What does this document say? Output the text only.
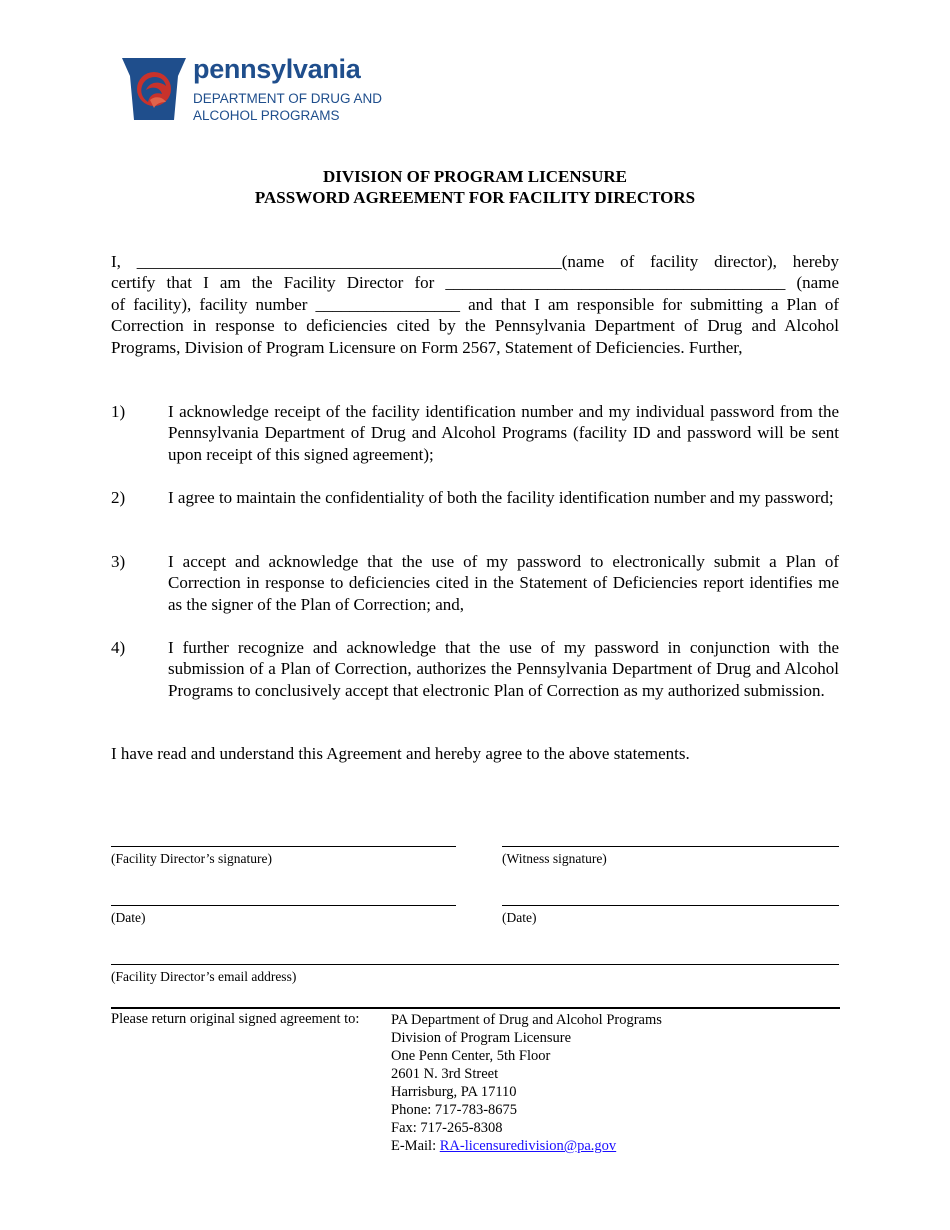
pennsylvania
DEPARTMENT OF DRUG AND
ALCOHOL PROGRAMS
DIVISION OF PROGRAM LICENSURE
PASSWORD AGREEMENT FOR FACILITY DIRECTORS
I, __________________________________________________(name of facility director), hereby
certify that I am the Facility Director for ________________________________________ (name
of facility), facility number _________________ and that I am responsible for submitting a Plan of Correction in response to deficiencies cited by the Pennsylvania Department of Drug and Alcohol Programs, Division of Program Licensure on Form 2567, Statement of Deficiencies. Further,
1)	I acknowledge receipt of the facility identification number and my individual password from the Pennsylvania Department of Drug and Alcohol Programs (facility ID and password will be sent upon receipt of this signed agreement);
2)	I agree to maintain the confidentiality of both the facility identification number and my password;
3)	I accept and acknowledge that the use of my password to electronically submit a Plan of Correction in response to deficiencies cited in the Statement of Deficiencies report identifies me as the signer of the Plan of Correction; and,
4)	I further recognize and acknowledge that the use of my password in conjunction with the submission of a Plan of Correction, authorizes the Pennsylvania Department of Drug and Alcohol Programs to conclusively accept that electronic Plan of Correction as my authorized submission.
I have read and understand this Agreement and hereby agree to the above statements.
(Facility Director’s signature)	(Witness signature)
(Date)	(Date)
(Facility Director’s email address)
Please return original signed agreement to: PA Department of Drug and Alcohol Programs
Division of Program Licensure
One Penn Center, 5th Floor
2601 N. 3rd Street
Harrisburg, PA 17110
Phone: 717-783-8675
Fax: 717-265-8308
E-Mail: RA-licensuredivision@pa.gov
